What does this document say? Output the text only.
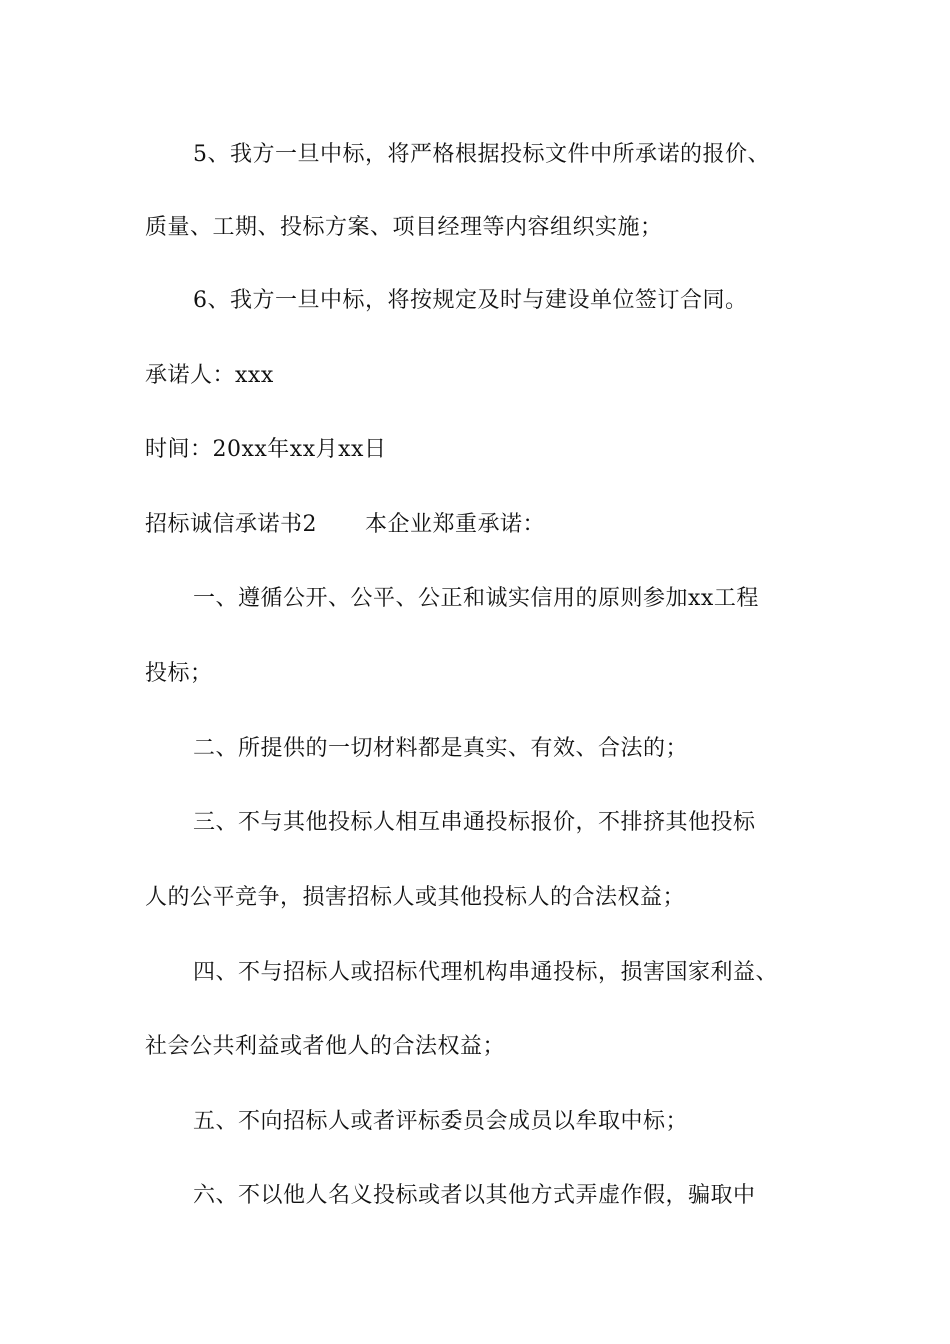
5、我方一旦中标，将严格根据投标文件中所承诺的报价、
质量、工期、投标方案、项目经理等内容组织实施；
6、我方一旦中标，将按规定及时与建设单位签订合同。
承诺人：xxx
时间：20xx年xx月xx日
招标诚信承诺书2 本企业郑重承诺：
一、遵循公开、公平、公正和诚实信用的原则参加xx工程
投标；
二、所提供的一切材料都是真实、有效、合法的；
三、不与其他投标人相互串通投标报价，不排挤其他投标
人的公平竞争，损害招标人或其他投标人的合法权益；
四、不与招标人或招标代理机构串通投标，损害国家利益、
社会公共利益或者他人的合法权益；
五、不向招标人或者评标委员会成员以牟取中标；
六、不以他人名义投标或者以其他方式弄虚作假，骗取中
